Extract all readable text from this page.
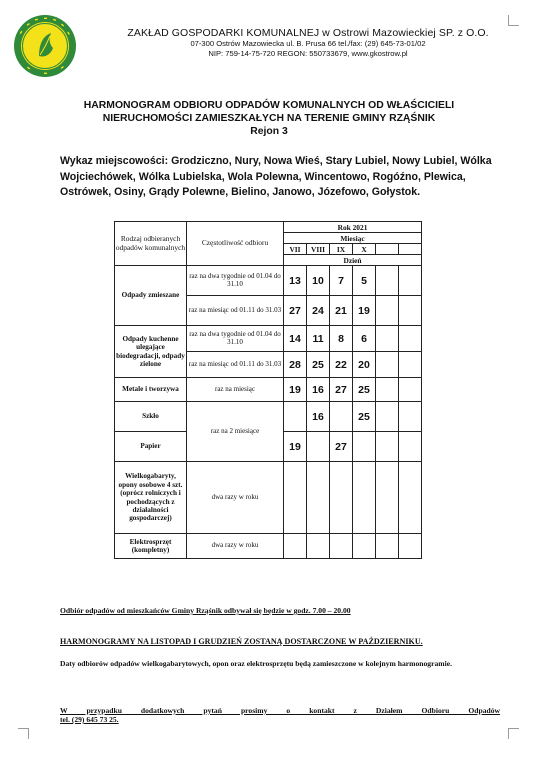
ZAKŁAD GOSPODARKI KOMUNALNEJ w Ostrowi Mazowieckiej SP. z O.O.
07-300 Ostrów Mazowiecka ul. B. Prusa 66 tel./fax: (29) 645-73-01/02
NIP: 759-14-75-720 REGON: 550733679, www.gkostrow.pl
HARMONOGRAM ODBIORU ODPADÓW KOMUNALNYCH OD WŁAŚCICIELI
NIERUCHOMOŚCI ZAMIESZKAŁYCH NA TERENIE GMINY RZĄŚNIK
Rejon 3
Wykaz miejscowości: Grodziczno, Nury, Nowa Wieś, Stary Lubiel, Nowy Lubiel, Wólka Wojciechówek, Wólka Lubielska, Wola Polewna, Wincentowo, Rogóźno, Plewica, Ostrówek, Osiny, Grądy Polewne, Bielino, Janowo, Józefowo, Gołystok.
Rodzaj odbieranych odpadów komunalnych	Częstotliwość odbioru	Rok 2021					
		Miesiąc					
		VII	VIII	IX	X		
		Dzień					
Odpady zmieszane	raz na dwa tygodnie od 01.04 do 31.10	13	10	7	5		
	raz na miesiąc od 01.11 do 31.03	27	24	21	19		
Odpady kuchenne ulegające biodegradacji, odpady zielone	raz na dwa tygodnie od 01.04 do 31.10	14	11	8	6		
	raz na miesiąc od 01.11 do 31.03	28	25	22	20		
Metale i tworzywa	raz na miesiąc	19	16	27	25		
Szkło	raz na 2 miesiące		16		25		
Papier		19		27			
Wielkogabaryty, opony osobowe 4 szt. (oprócz rolniczych i pochodzących z działalności gospodarczej)	dwa razy w roku						
Elektrosprzęt (kompletny)	dwa razy w roku						
Odbiór odpadów od mieszkańców Gminy Rząśnik odbywał się będzie w godz. 7.00 – 20.00
HARMONOGRAMY NA LISTOPAD I GRUDZIEŃ ZOSTANĄ DOSTARCZONE W PAŹDZIERNIKU.
Daty odbiorów odpadów wielkogabarytowych, opon oraz elektrosprzętu będą zamieszczone w kolejnym harmonogramie.
W przypadku dodatkowych pytań prosimy o kontakt z Działem Odbioru Odpadów
tel. (29) 645 73 25.
